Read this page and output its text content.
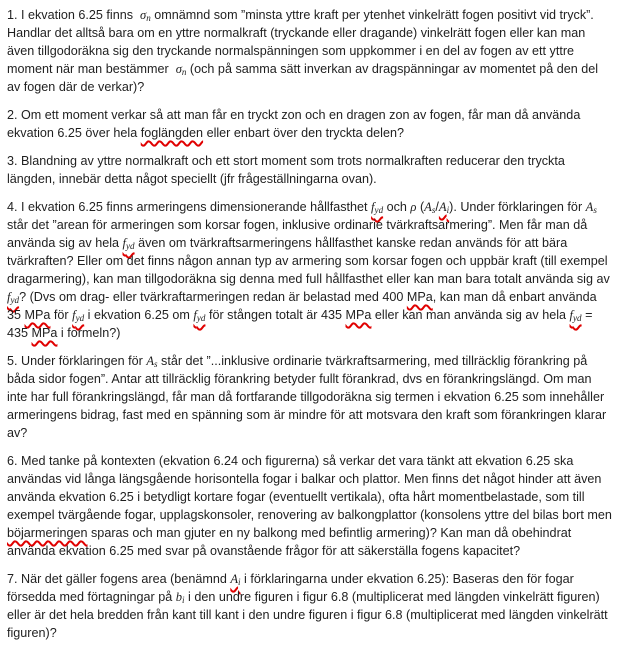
1. I ekvation 6.25 finns  σn omnämnd som ”minsta yttre kraft per ytenhet vinkelrätt fogen positivt vid tryck”. Handlar det alltså bara om en yttre normalkraft (tryckande eller dragande) vinkelrätt fogen eller kan man även tillgodoräkna sig den tryckande normalspänningen som uppkommer i en del av fogen av ett yttre moment när man bestämmer  σn (och på samma sätt inverkan av dragspänningar av momentet på den del av fogen där de verkar)?

2. Om ett moment verkar så att man får en tryckt zon och en dragen zon av fogen, får man då använda ekvation 6.25 över hela foglängden eller enbart över den tryckta delen?

3. Blandning av yttre normalkraft och ett stort moment som trots normalkraften reducerar den tryckta längden, innebär detta något speciellt (jfr frågeställningarna ovan).

4. I ekvation 6.25 finns armeringens dimensionerande hållfasthet fyd och ρ (As/Ai). Under förklaringen för As står det ”arean för armeringen som korsar fogen, inklusive ordinarie tvärkraftsarmering”. Men får man då använda sig av hela fyd även om tvärkraftsarmeringens hållfasthet kanske redan används för att bära tvärkraften? Eller om det finns någon annan typ av armering som korsar fogen och uppbär kraft (till exempel dragarmering), kan man tillgodoräkna sig denna med full hållfasthet eller kan man bara totalt använda sig av fyd? (Dvs om drag- eller tvärkraftarmeringen redan är belastad med 400 MPa, kan man då enbart använda 35 MPa för fyd i ekvation 6.25 om fyd för stången totalt är 435 MPa eller kan man använda sig av hela fyd = 435 MPa i formeln?)

5. Under förklaringen för As står det ”...inklusive ordinarie tvärkraftsarmering, med tillräcklig förankring på båda sidor fogen”. Antar att tillräcklig förankring betyder fullt förankrad, dvs en förankringslängd. Om man inte har full förankringslängd, får man då fortfarande tillgodoräkna sig termen i ekvation 6.25 som innehåller armeringens bidrag, fast med en spänning som är mindre för att motsvara den kraft som förankringen klarar av?

6. Med tanke på kontexten (ekvation 6.24 och figurerna) så verkar det vara tänkt att ekvation 6.25 ska användas vid långa längsgående horisontella fogar i balkar och plattor. Men finns det något hinder att även använda ekvation 6.25 i betydligt kortare fogar (eventuellt vertikala), ofta hårt momentbelastade, som till exempel tvärgående fogar, upplagskonsoler, renovering av balkongplattor (konsolens yttre del bilas bort men böjarmeringen sparas och man gjuter en ny balkong med befintlig armering)? Kan man då obehindrat använda ekvation 6.25 med svar på ovanstående frågor för att säkerställa fogens kapacitet?

7. När det gäller fogens area (benämnd Ai i förklaringarna under ekvation 6.25): Baseras den för fogar försedda med förtagningar på bi i den undre figuren i figur 6.8 (multiplicerat med längden vinkelrätt figuren) eller är det hela bredden från kant till kant i den undre figuren i figur 6.8 (multiplicerat med längden vinkelrätt figuren)?
